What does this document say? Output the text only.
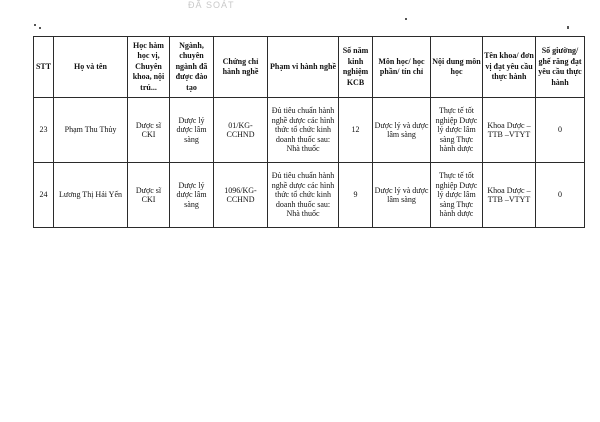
ĐÃ SOÁT
STT	Họ và tên	Học hàm học vị, Chuyên khoa, nội trú...	Ngành, chuyên ngành đã được đào tạo	Chứng chỉ hành nghề	Phạm vi hành nghề	Số năm kinh nghiệm KCB	Môn học/ học phần/ tín chỉ	Nội dung môn học	Tên khoa/ đơn vị đạt yêu cầu thực hành	Số giường/ ghế răng đạt yêu cầu thực hành
23	Phạm Thu Thủy	Dược sĩ CKI	Dược lý dược lâm sàng	01/KG-CCHND	Đủ tiêu chuẩn hành nghề dược các hình thức tổ chức kinh doanh thuốc sau: Nhà thuốc	12	Dược lý và dược lâm sàng	Thực tế tốt nghiệp Dược lý dược lâm sàng Thực hành dược	Khoa Dược – TTB –VTYT	0
24	Lương Thị Hải Yến	Dược sĩ CKI	Dược lý dược lâm sàng	1096/KG-CCHND	Đủ tiêu chuẩn hành nghề dược các hình thức tổ chức kinh doanh thuốc sau: Nhà thuốc	9	Dược lý và dược lâm sàng	Thực tế tốt nghiệp Dược lý dược lâm sàng Thực hành dược	Khoa Dược – TTB –VTYT	0
